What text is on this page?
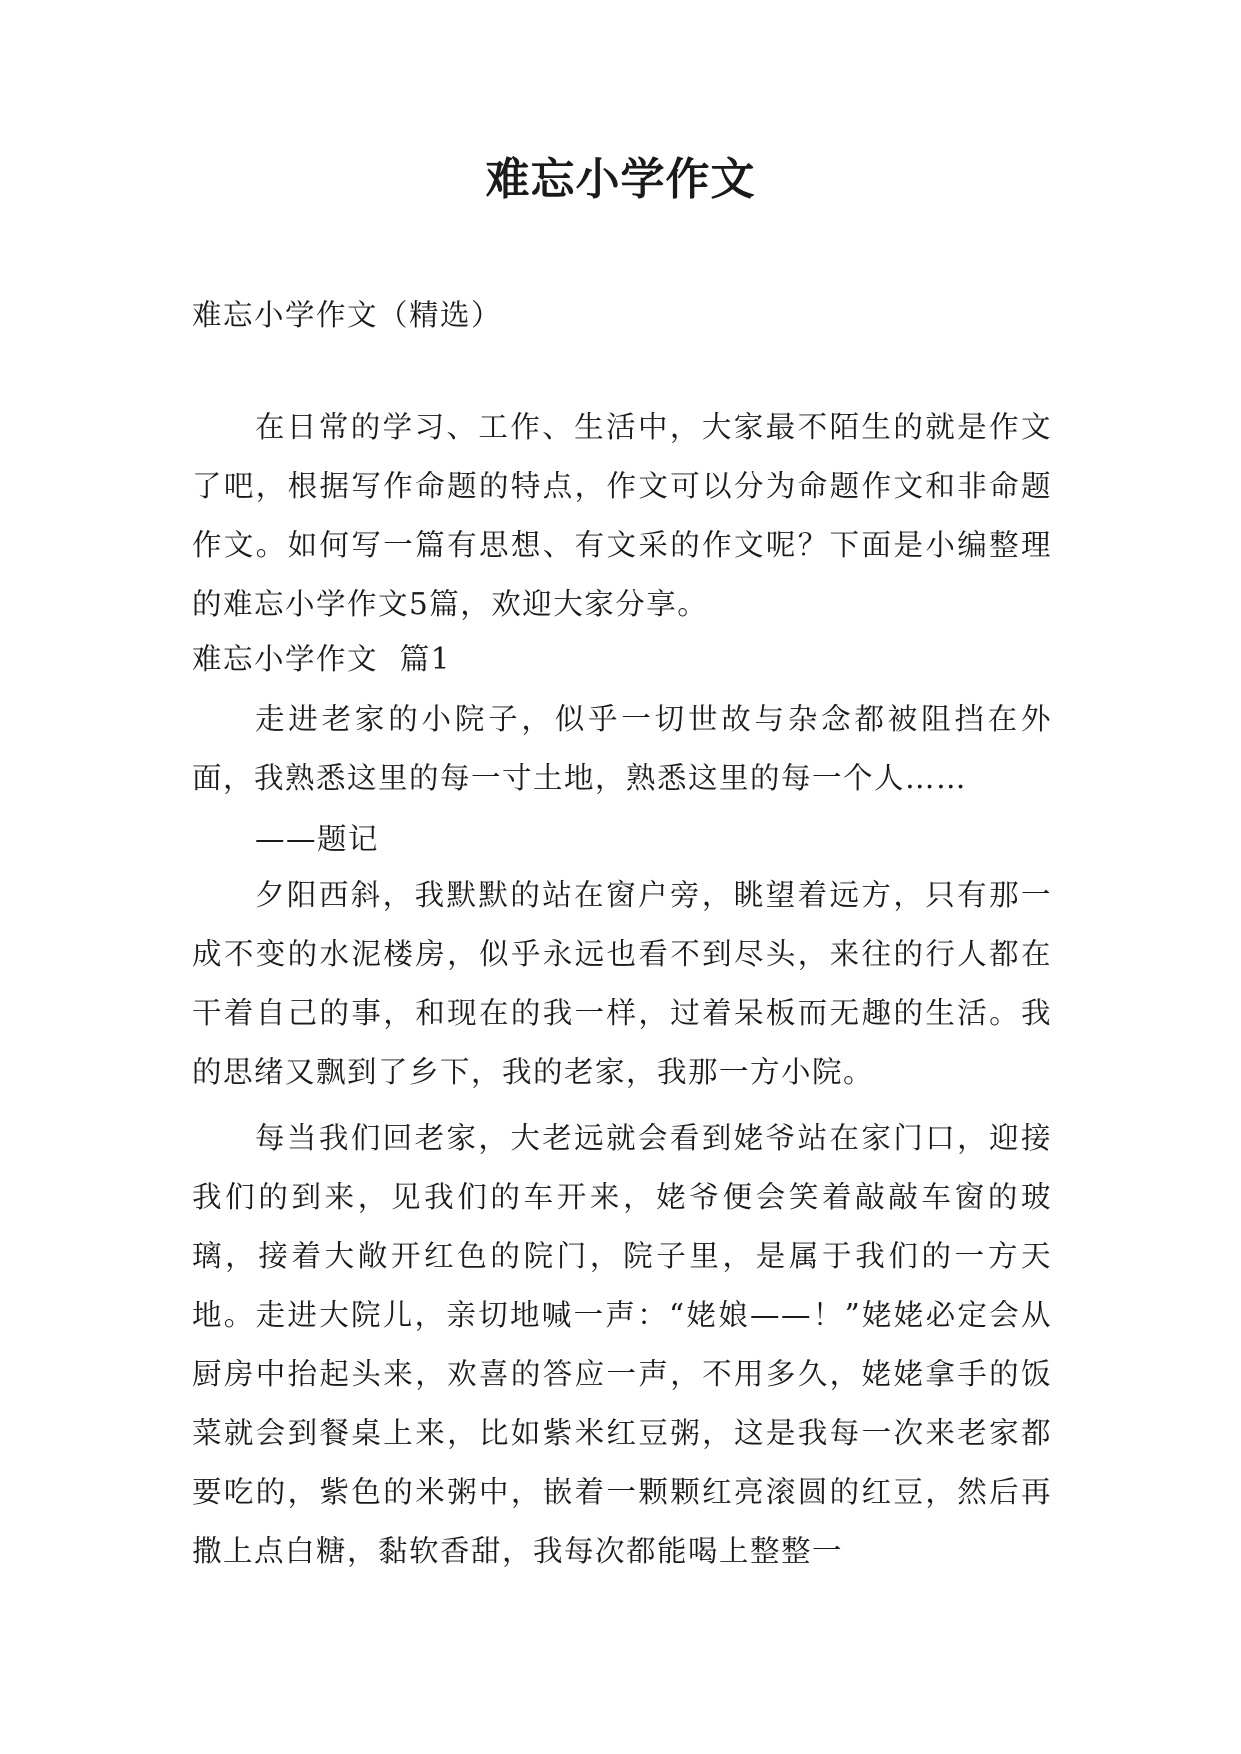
难忘小学作文

难忘小学作文（精选）

在日常的学习、工作、生活中，大家最不陌生的就是作文了吧，根据写作命题的特点，作文可以分为命题作文和非命题作文。如何写一篇有思想、有文采的作文呢？下面是小编整理的难忘小学作文5篇，欢迎大家分享。

难忘小学作文  篇1

走进老家的小院子，似乎一切世故与杂念都被阻挡在外面，我熟悉这里的每一寸土地，熟悉这里的每一个人……

——题记

夕阳西斜，我默默的站在窗户旁，眺望着远方，只有那一成不变的水泥楼房，似乎永远也看不到尽头，来往的行人都在干着自己的事，和现在的我一样，过着呆板而无趣的生活。我的思绪又飘到了乡下，我的老家，我那一方小院。

每当我们回老家，大老远就会看到姥爷站在家门口，迎接我们的到来，见我们的车开来，姥爷便会笑着敲敲车窗的玻璃，接着大敞开红色的院门，院子里，是属于我们的一方天地。走进大院儿，亲切地喊一声：“姥娘——！”姥姥必定会从厨房中抬起头来，欢喜的答应一声，不用多久，姥姥拿手的饭菜就会到餐桌上来，比如紫米红豆粥，这是我每一次来老家都要吃的，紫色的米粥中，嵌着一颗颗红亮滚圆的红豆，然后再撒上点白糖，黏软香甜，我每次都能喝上整整一
